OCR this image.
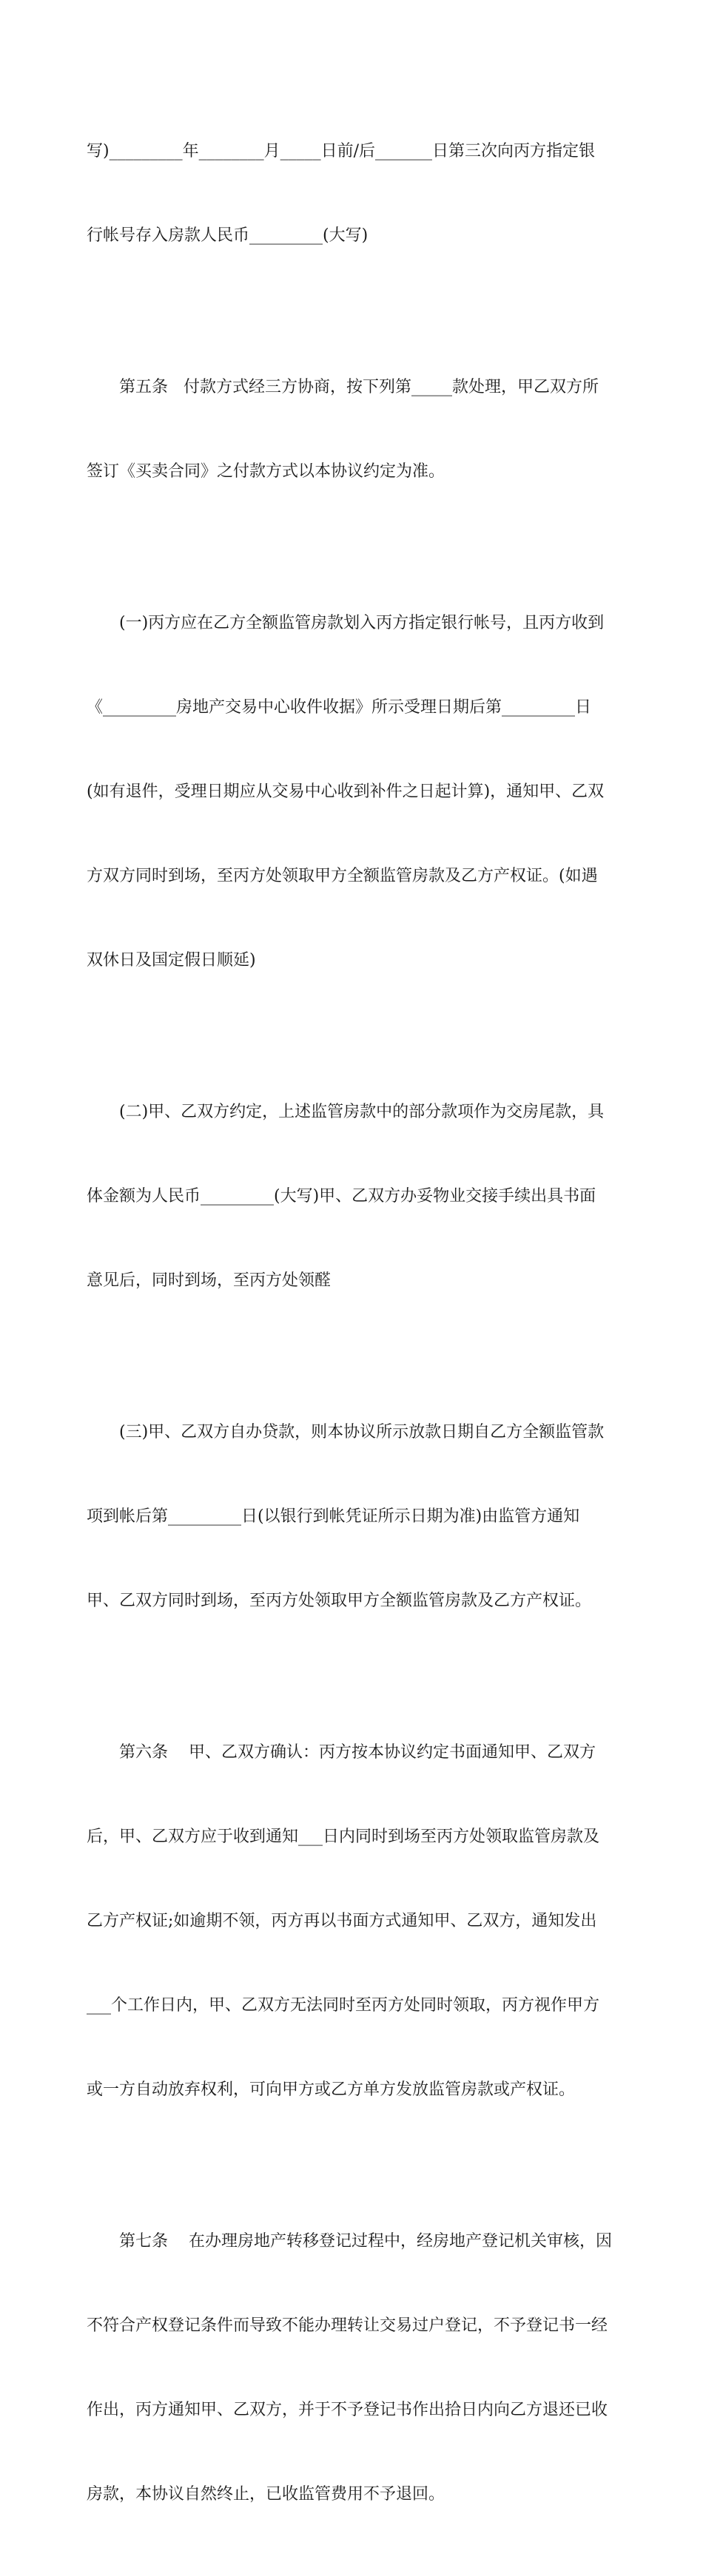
写)_________年________月_____日前/后_______日第三次向丙方指定银

行帐号存入房款人民币_________(大写)

第五条   付款方式经三方协商，按下列第_____款处理，甲乙双方所

签订《买卖合同》之付款方式以本协议约定为准。

(一)丙方应在乙方全额监管房款划入丙方指定银行帐号，且丙方收到

《_________房地产交易中心收件收据》所示受理日期后第_________日

(如有退件，受理日期应从交易中心收到补件之日起计算)，通知甲、乙双

方双方同时到场，至丙方处领取甲方全额监管房款及乙方产权证。(如遇

双休日及国定假日顺延)

(二)甲、乙双方约定，上述监管房款中的部分款项作为交房尾款，具

体金额为人民币_________(大写)甲、乙双方办妥物业交接手续出具书面

意见后，同时到场，至丙方处领醛

(三)甲、乙双方自办贷款，则本协议所示放款日期自乙方全额监管款

项到帐后第_________日(以银行到帐凭证所示日期为准)由监管方通知

甲、乙双方同时到场，至丙方处领取甲方全额监管房款及乙方产权证。

第六条    甲、乙双方确认：丙方按本协议约定书面通知甲、乙双方

后，甲、乙双方应于收到通知___日内同时到场至丙方处领取监管房款及

乙方产权证;如逾期不领，丙方再以书面方式通知甲、乙双方，通知发出

___个工作日内，甲、乙双方无法同时至丙方处同时领取，丙方视作甲方

或一方自动放弃权利，可向甲方或乙方单方发放监管房款或产权证。

第七条    在办理房地产转移登记过程中，经房地产登记机关审核，因

不符合产权登记条件而导致不能办理转让交易过户登记，不予登记书一经

作出，丙方通知甲、乙双方，并于不予登记书作出拾日内向乙方退还已收

房款，本协议自然终止，已收监管费用不予退回。
